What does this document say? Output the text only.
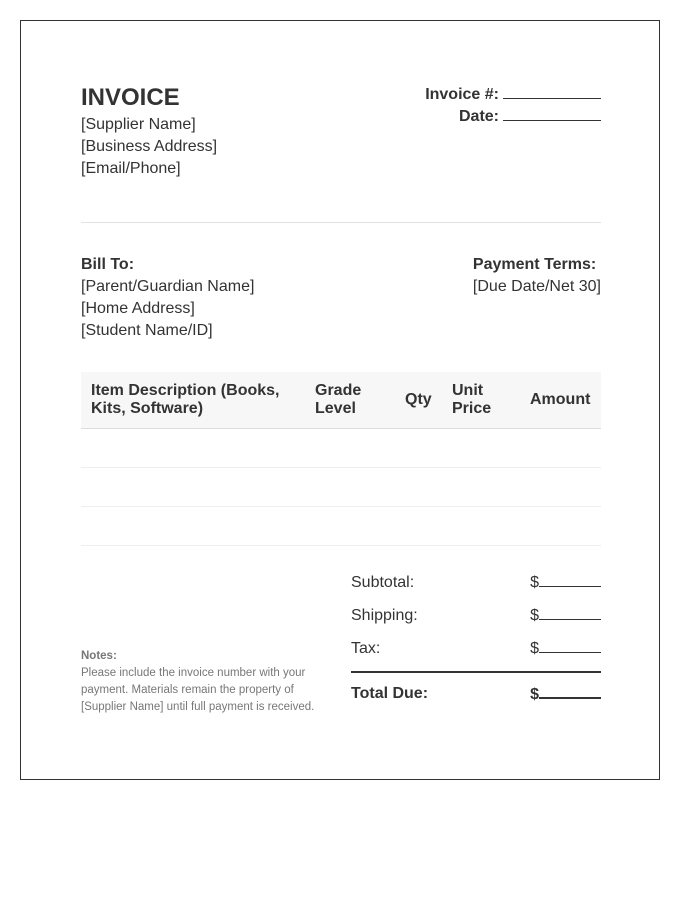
INVOICE
[Supplier Name]
[Business Address]
[Email/Phone]
Invoice #:
Date:
Bill To:
[Parent/Guardian Name]
[Home Address]
[Student Name/ID]
Payment Terms:
[Due Date/Net 30]
Item Description (Books, Kits, Software)	Grade Level	Qty	Unit Price	Amount

Notes:
Please include the invoice number with your payment. Materials remain the property of [Supplier Name] until full payment is received.
Subtotal:	$
Shipping:	$
Tax:	$
Total Due:	$
